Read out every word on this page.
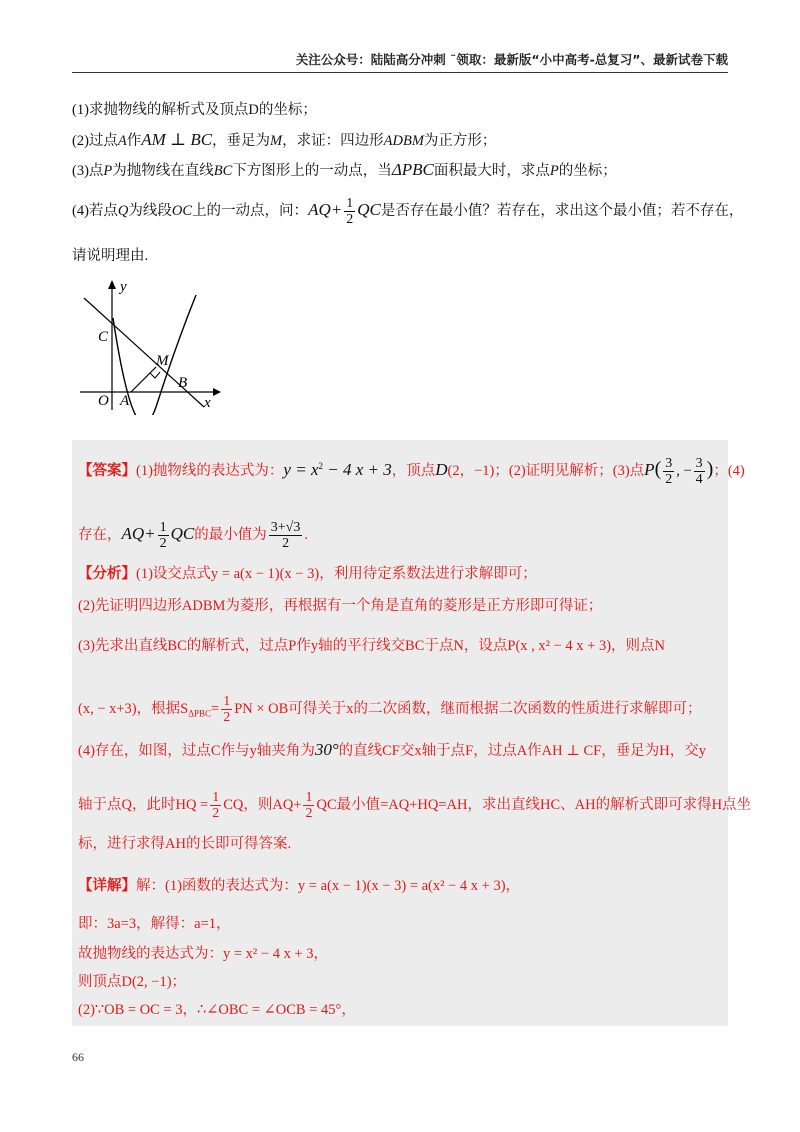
关注公众号：陆陆高分冲刺 ˜领取：最新版“小中高考-总复习”、最新试卷下载
(1)求抛物线的解析式及顶点D的坐标；
(2)过点A作AM ⊥ BC，垂足为M，求证：四边形ADBM为正方形；
(3)点P为抛物线在直线BC下方图形上的一动点，当ΔPBC面积最大时，求点P的坐标；
(4)若点Q为线段OC上的一动点，问：$AQ+ \frac{1}{2}$ QC是否存在最小值？若存在，求出这个最小值；若不存在，
请说明理由.
C
M
B
O A
y
x
【答案】(1)抛物线的表达式为：$y = x^2 - 4$ x + 3，顶点D(2，−1)；(2)证明见解析；(3)点$P( \frac{3}{2}$ , − $\frac{3}{4}$ )；(4)
存在，$AQ+ \frac{1}{2}$ QC的最小值为 $\frac{3+√3}{2}$ .
【分析】(1)设交点式y = a(x − 1)(x − 3)，利用待定系数法进行求解即可；
(2)先证明四边形ADBM为菱形，再根据有一个角是直角的菱形是正方形即可得证；
(3)先求出直线BC的解析式，过点P作y轴的平行线交BC于点N，设点P(x , x² − 4 x + 3)，则点N
(x, − x+3)，根据$S_{\Delta PBC}= \frac{1}{2}$ PN × OB可得关于x的二次函数，继而根据二次函数的性质进行求解即可；
(4)存在，如图，过点C作与y轴夹角为30°的直线CF交x轴于点F，过点A作AH ⊥ CF，垂足为H，交y
轴于点Q，此时HQ = $\frac{1}{2}$ CQ，则$AQ+ \frac{1}{2}$ QC最小值=AQ+HQ=AH，求出直线HC、AH的解析式即可求得H点坐
标，进行求得AH的长即可得答案.
【详解】解：(1)函数的表达式为：y = a(x − 1)(x − 3) = a(x² − 4 x + 3)，
即：3a=3，解得：a=1，
故抛物线的表达式为：y = x² − 4 x + 3，
则顶点D(2, −1)；
(2)∵OB = OC = 3，∴∠OBC = ∠OCB = 45°，
66
